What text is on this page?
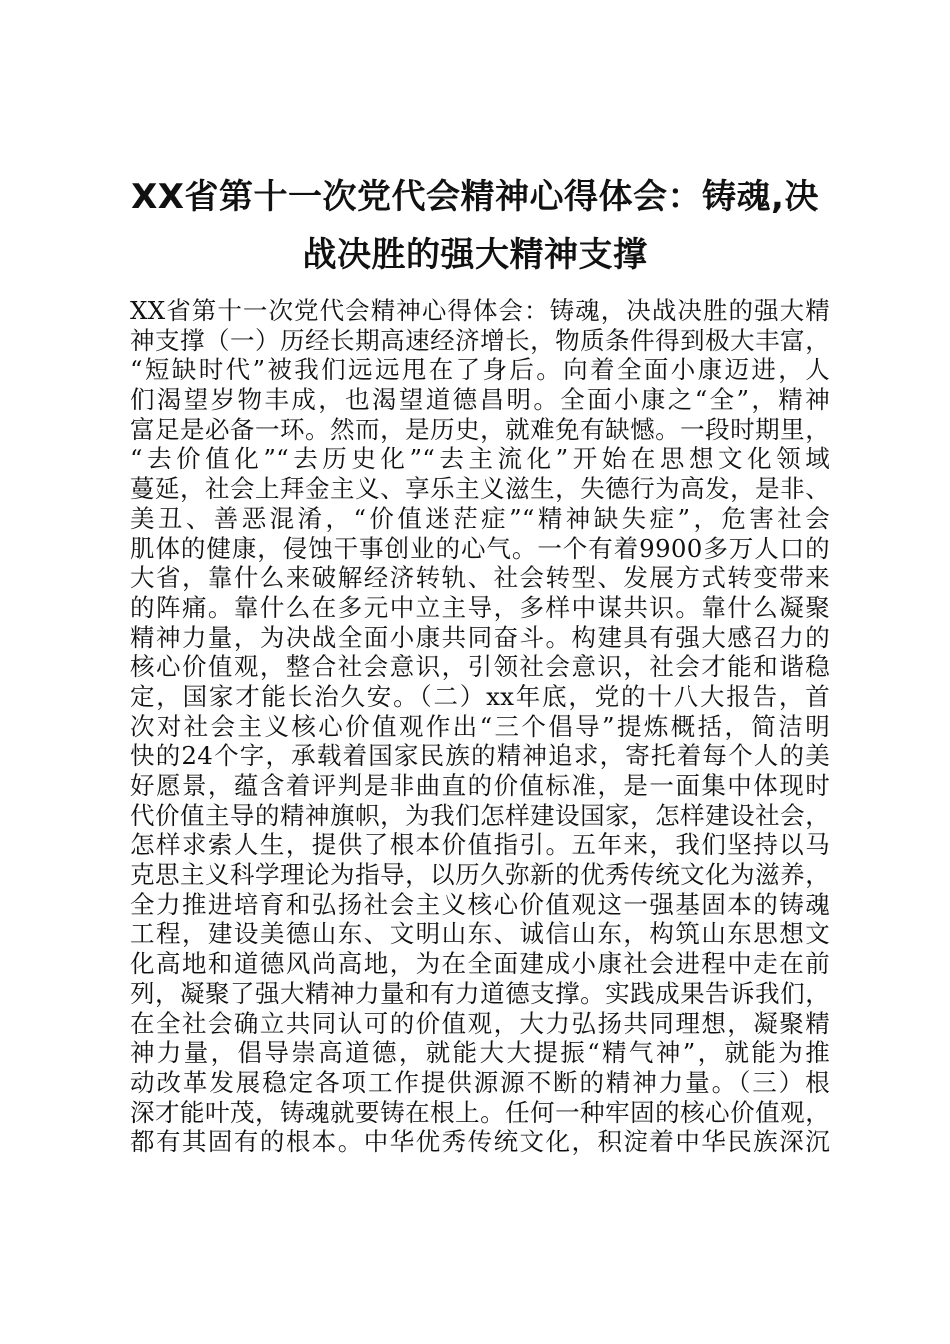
XX省第十一次党代会精神心得体会：铸魂,决
战决胜的强大精神支撑
XX省第十一次党代会精神心得体会：铸魂，决战决胜的强大精
神支撑（一）历经长期高速经济增长，物质条件得到极大丰富，
“短缺时代”被我们远远甩在了身后。向着全面小康迈进，人
们渴望岁物丰成，也渴望道德昌明。全面小康之“全”，精神
富足是必备一环。然而，是历史，就难免有缺憾。一段时期里，
“去价值化”“去历史化”“去主流化”开始在思想文化领域
蔓延，社会上拜金主义、享乐主义滋生，失德行为高发，是非、
美丑、善恶混淆，“价值迷茫症”“精神缺失症”，危害社会
肌体的健康，侵蚀干事创业的心气。一个有着9900多万人口的
大省，靠什么来破解经济转轨、社会转型、发展方式转变带来
的阵痛。靠什么在多元中立主导，多样中谋共识。靠什么凝聚
精神力量，为决战全面小康共同奋斗。构建具有强大感召力的
核心价值观，整合社会意识，引领社会意识，社会才能和谐稳
定，国家才能长治久安。（二）xx年底，党的十八大报告，首
次对社会主义核心价值观作出“三个倡导”提炼概括，简洁明
快的24个字，承载着国家民族的精神追求，寄托着每个人的美
好愿景，蕴含着评判是非曲直的价值标准，是一面集中体现时
代价值主导的精神旗帜，为我们怎样建设国家，怎样建设社会，
怎样求索人生，提供了根本价值指引。五年来，我们坚持以马
克思主义科学理论为指导，以历久弥新的优秀传统文化为滋养，
全力推进培育和弘扬社会主义核心价值观这一强基固本的铸魂
工程，建设美德山东、文明山东、诚信山东，构筑山东思想文
化高地和道德风尚高地，为在全面建成小康社会进程中走在前
列，凝聚了强大精神力量和有力道德支撑。实践成果告诉我们，
在全社会确立共同认可的价值观，大力弘扬共同理想，凝聚精
神力量，倡导崇高道德，就能大大提振“精气神”，就能为推
动改革发展稳定各项工作提供源源不断的精神力量。（三）根
深才能叶茂，铸魂就要铸在根上。任何一种牢固的核心价值观，
都有其固有的根本。中华优秀传统文化，积淀着中华民族深沉
